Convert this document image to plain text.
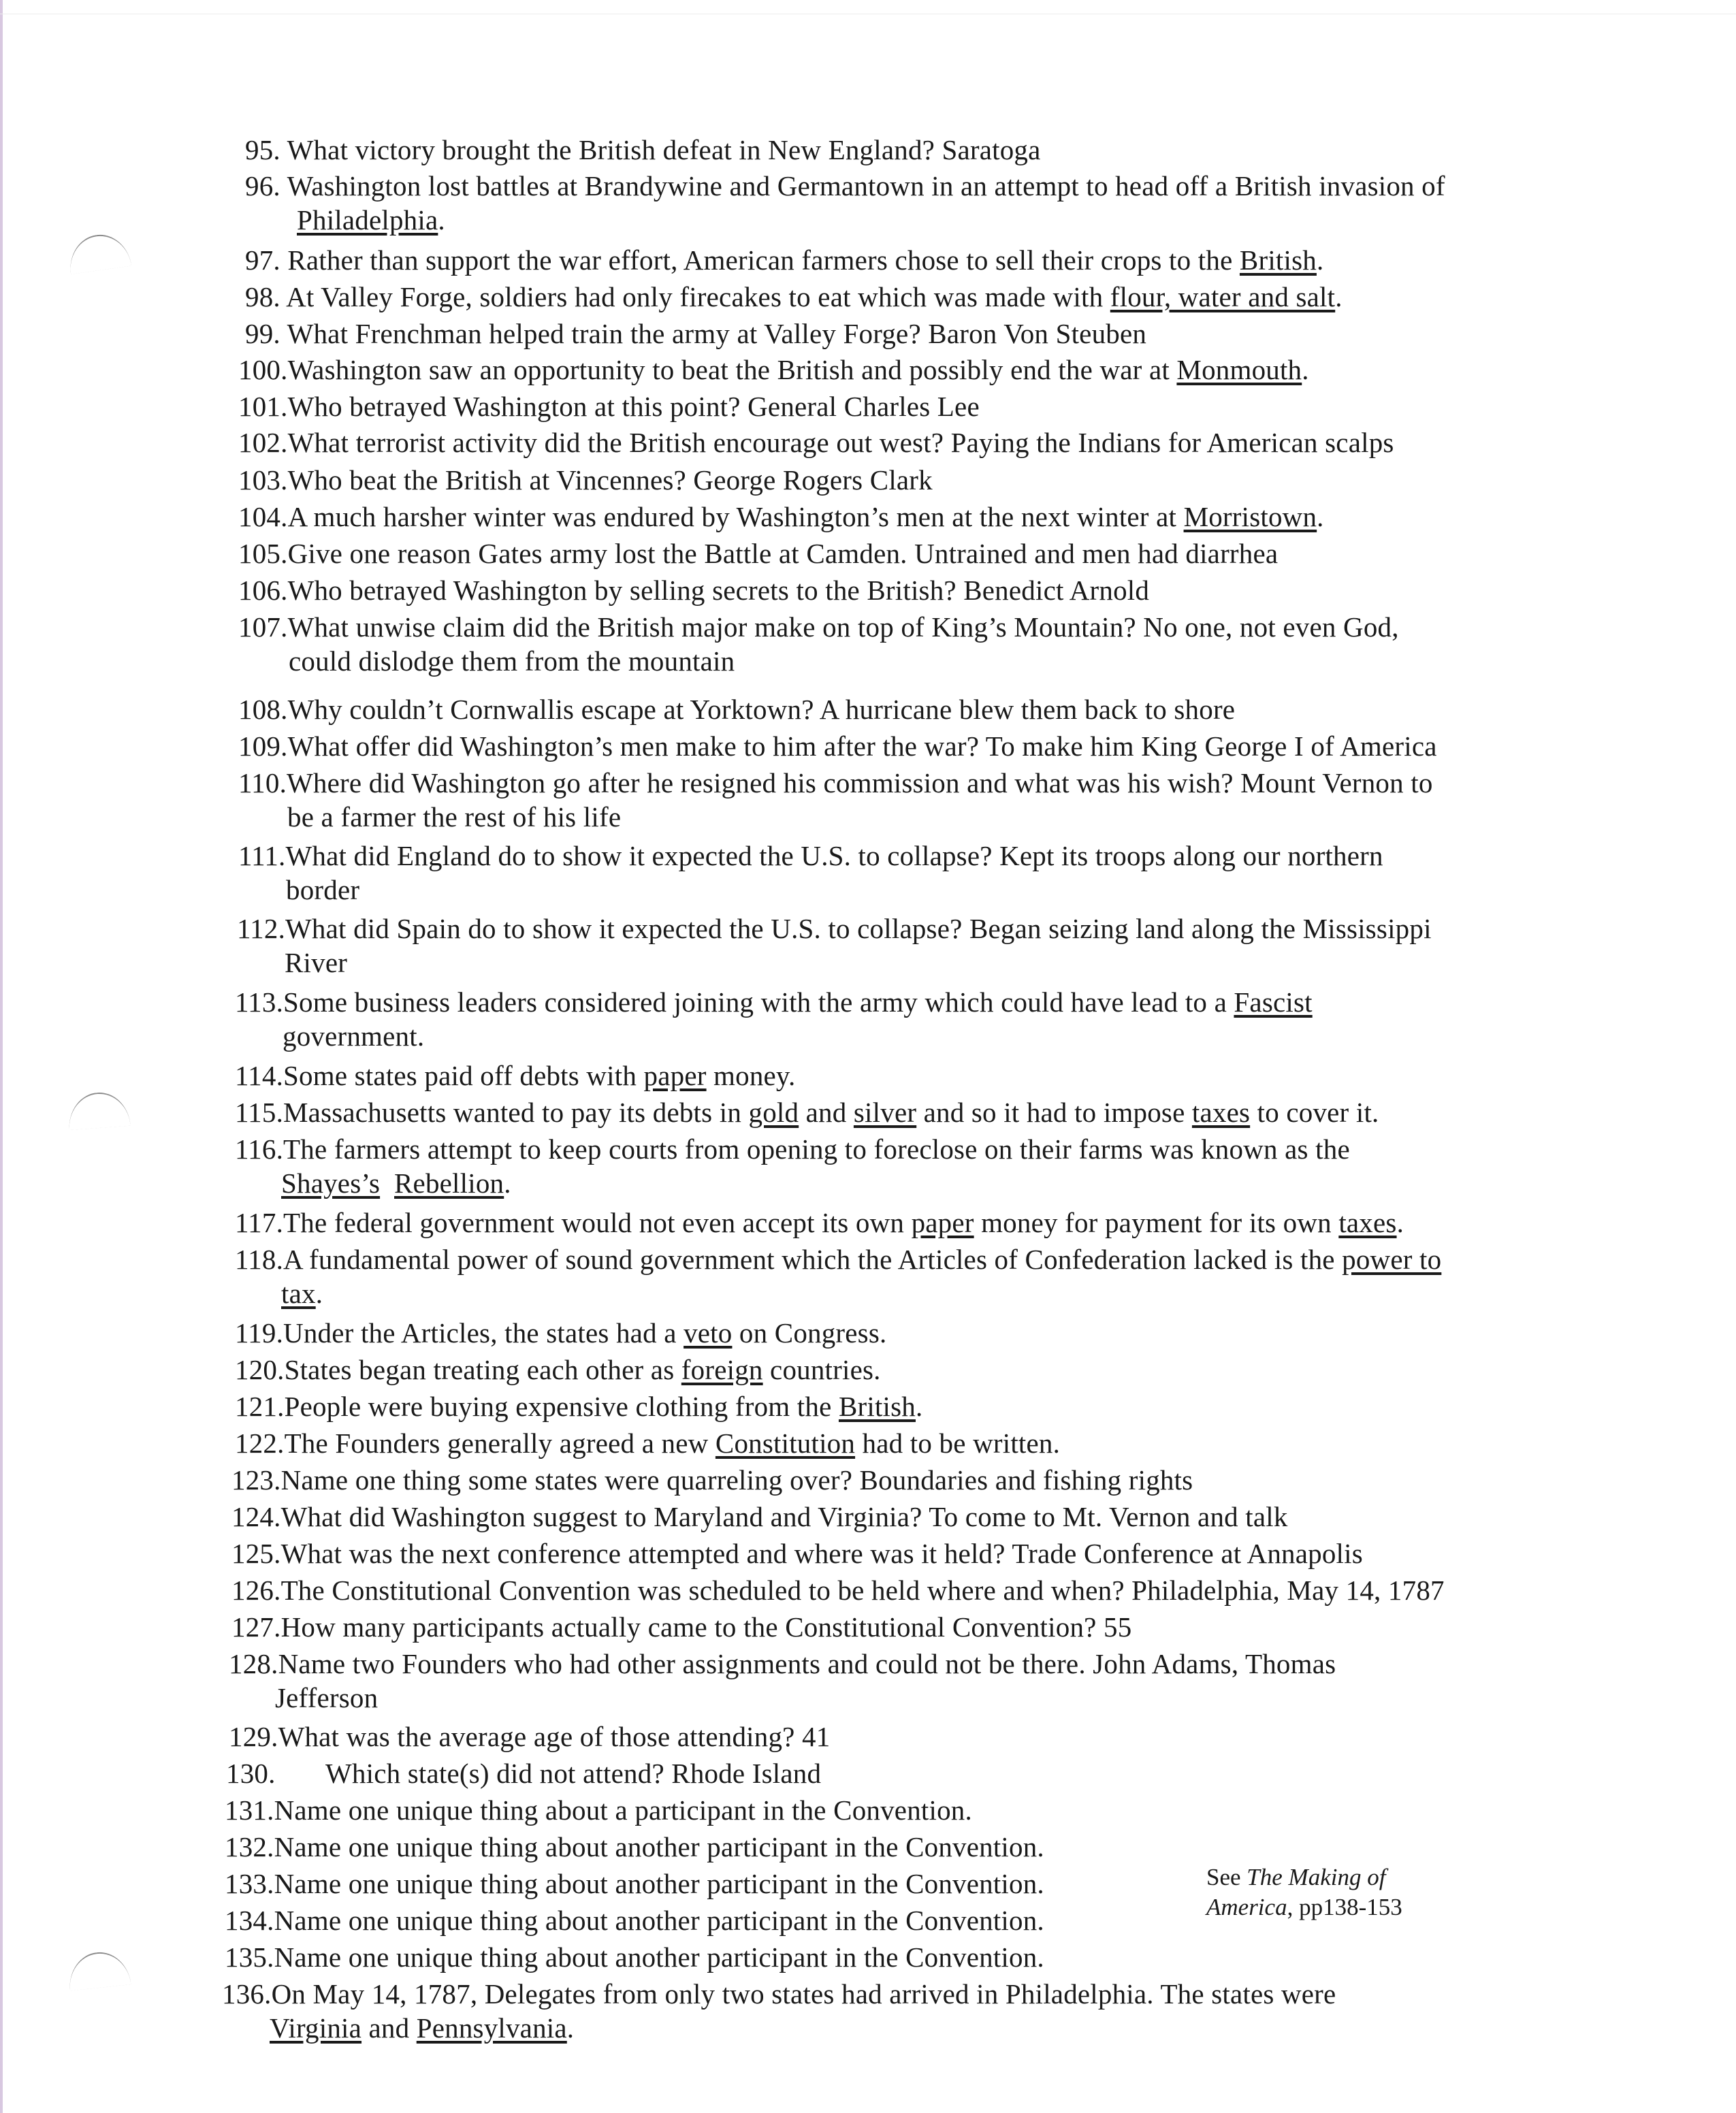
95. What victory brought the British defeat in New England? Saratoga
96. Washington lost battles at Brandywine and Germantown in an attempt to head off a British invasion of
Philadelphia.
97. Rather than support the war effort, American farmers chose to sell their crops to the British.
98. At Valley Forge, soldiers had only firecakes to eat which was made with flour, water and salt.
99. What Frenchman helped train the army at Valley Forge? Baron Von Steuben
100.Washington saw an opportunity to beat the British and possibly end the war at Monmouth.
101.Who betrayed Washington at this point? General Charles Lee
102.What terrorist activity did the British encourage out west? Paying the Indians for American scalps
103.Who beat the British at Vincennes? George Rogers Clark
104.A much harsher winter was endured by Washington’s men at the next winter at Morristown.
105.Give one reason Gates army lost the Battle at Camden. Untrained and men had diarrhea
106.Who betrayed Washington by selling secrets to the British? Benedict Arnold
107.What unwise claim did the British major make on top of King’s Mountain? No one, not even God,
could dislodge them from the mountain
108.Why couldn’t Cornwallis escape at Yorktown? A hurricane blew them back to shore
109.What offer did Washington’s men make to him after the war? To make him King George I of America
110.Where did Washington go after he resigned his commission and what was his wish? Mount Vernon to
be a farmer the rest of his life
111.What did England do to show it expected the U.S. to collapse? Kept its troops along our northern
border
112.What did Spain do to show it expected the U.S. to collapse? Began seizing land along the Mississippi
River
113.Some business leaders considered joining with the army which could have lead to a Fascist
government.
114.Some states paid off debts with paper money.
115.Massachusetts wanted to pay its debts in gold and silver and so it had to impose taxes to cover it.
116.The farmers attempt to keep courts from opening to foreclose on their farms was known as the
Shayes’s Rebellion.
117.The federal government would not even accept its own paper money for payment for its own taxes.
118.A fundamental power of sound government which the Articles of Confederation lacked is the power to
tax.
119.Under the Articles, the states had a veto on Congress.
120.States began treating each other as foreign countries.
121.People were buying expensive clothing from the British.
122.The Founders generally agreed a new Constitution had to be written.
123.Name one thing some states were quarreling over? Boundaries and fishing rights
124.What did Washington suggest to Maryland and Virginia? To come to Mt. Vernon and talk
125.What was the next conference attempted and where was it held? Trade Conference at Annapolis
126.The Constitutional Convention was scheduled to be held where and when? Philadelphia, May 14, 1787
127.How many participants actually came to the Constitutional Convention? 55
128.Name two Founders who had other assignments and could not be there. John Adams, Thomas
Jefferson
129.What was the average age of those attending? 41
130. Which state(s) did not attend? Rhode Island
131.Name one unique thing about a participant in the Convention.
132.Name one unique thing about another participant in the Convention.
133.Name one unique thing about another participant in the Convention.
134.Name one unique thing about another participant in the Convention.
135.Name one unique thing about another participant in the Convention.
136.On May 14, 1787, Delegates from only two states had arrived in Philadelphia. The states were
Virginia and Pennsylvania.
See The Making of
America, pp138-153
